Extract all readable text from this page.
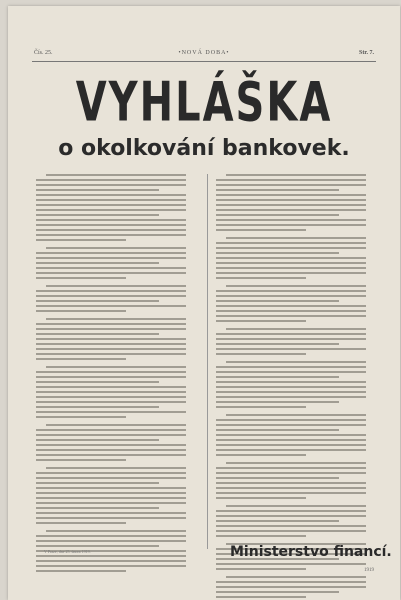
Čís. 25.	•NOVÁ DOBA•	Str. 7.
VYHLÁŠKA
o okolkování bankovek.
V Praze, dne 25. února 1919.	Ministerstvo financí.
1919
